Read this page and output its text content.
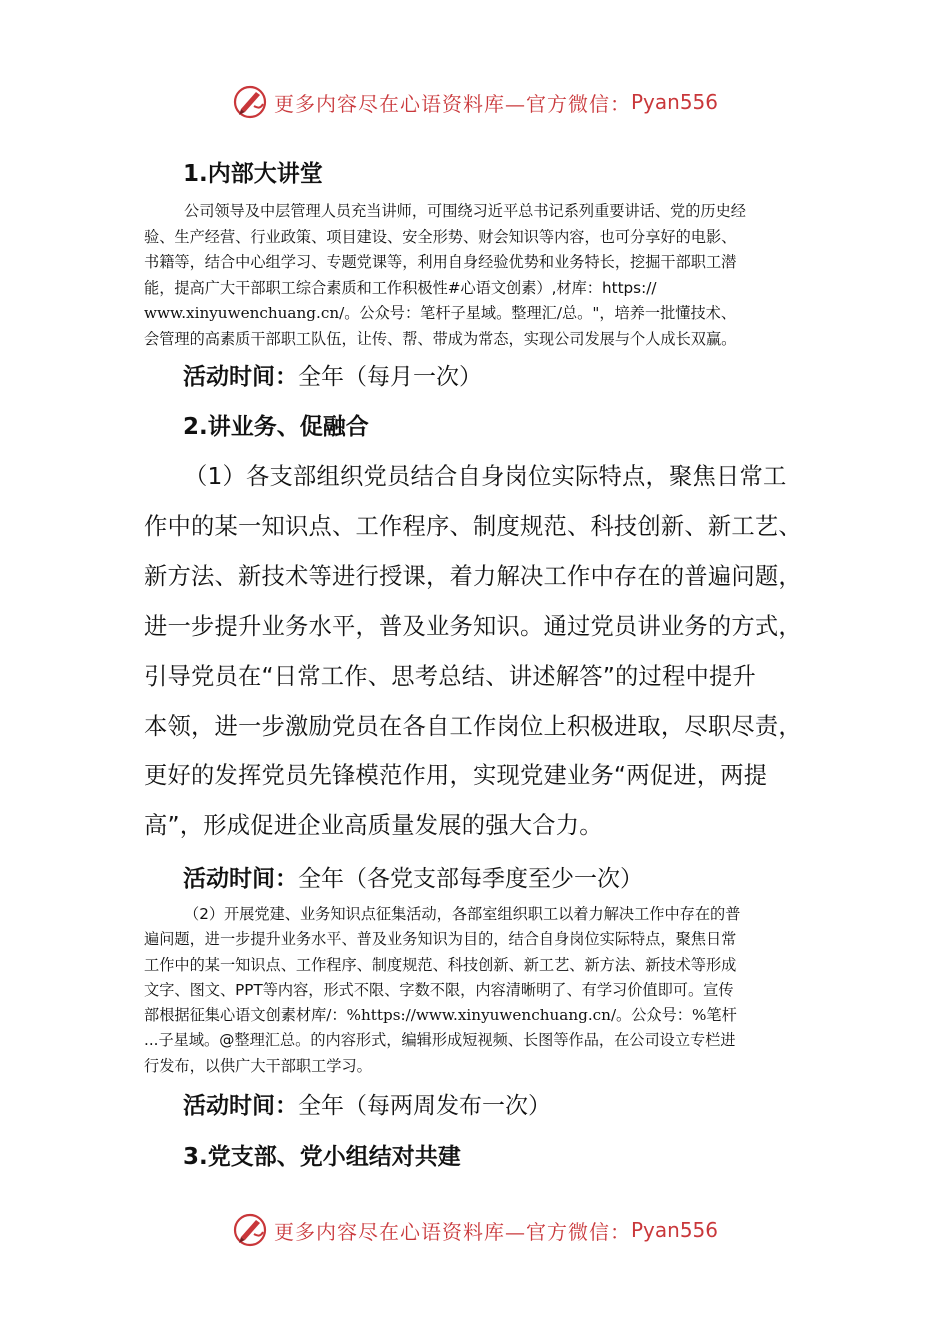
更多内容尽在心语资料库—官方微信： Pyan556
1.内部大讲堂
公司领导及中层管理人员充当讲师，可围绕习近平总书记系列重要讲话、党的历史经
验、生产经营、行业政策、项目建设、安全形势、财会知识等内容，也可分享好的电影、
书籍等，结合中心组学习、专题党课等，利用自身经验优势和业务特长，挖掘干部职工潜
能，提高广大干部职工综合素质和工作积极性#心语文创素）,材库：https://
www.xinyuwenchuang.cn/。公众号：笔杆子星域。整理汇/总。"，培养一批懂技术、
会管理的高素质干部职工队伍，让传、帮、带成为常态，实现公司发展与个人成长双赢。
活动时间：全年（每月一次）
2.讲业务、促融合
（1）各支部组织党员结合自身岗位实际特点，聚焦日常工
作中的某一知识点、工作程序、制度规范、科技创新、新工艺、
新方法、新技术等进行授课，着力解决工作中存在的普遍问题，
进一步提升业务水平，普及业务知识。通过党员讲业务的方式，
引导党员在“日常工作、思考总结、讲述解答”的过程中提升
本领，进一步激励党员在各自工作岗位上积极进取，尽职尽责，
更好的发挥党员先锋模范作用，实现党建业务“两促进，两提
高”，形成促进企业高质量发展的强大合力。
活动时间：全年（各党支部每季度至少一次）
（2）开展党建、业务知识点征集活动，各部室组织职工以着力解决工作中存在的普
遍问题，进一步提升业务水平、普及业务知识为目的，结合自身岗位实际特点，聚焦日常
工作中的某一知识点、工作程序、制度规范、科技创新、新工艺、新方法、新技术等形成
文字、图文、PPT等内容，形式不限、字数不限，内容清晰明了、有学习价值即可。宣传
部根据征集心语文创素材库/：%https://www.xinyuwenchuang.cn/。公众号：%笔杆
...子星域。@整理汇总。的内容形式，编辑形成短视频、长图等作品，在公司设立专栏进
行发布，以供广大干部职工学习。
活动时间：全年（每两周发布一次）
3.党支部、党小组结对共建
更多内容尽在心语资料库—官方微信： Pyan556
